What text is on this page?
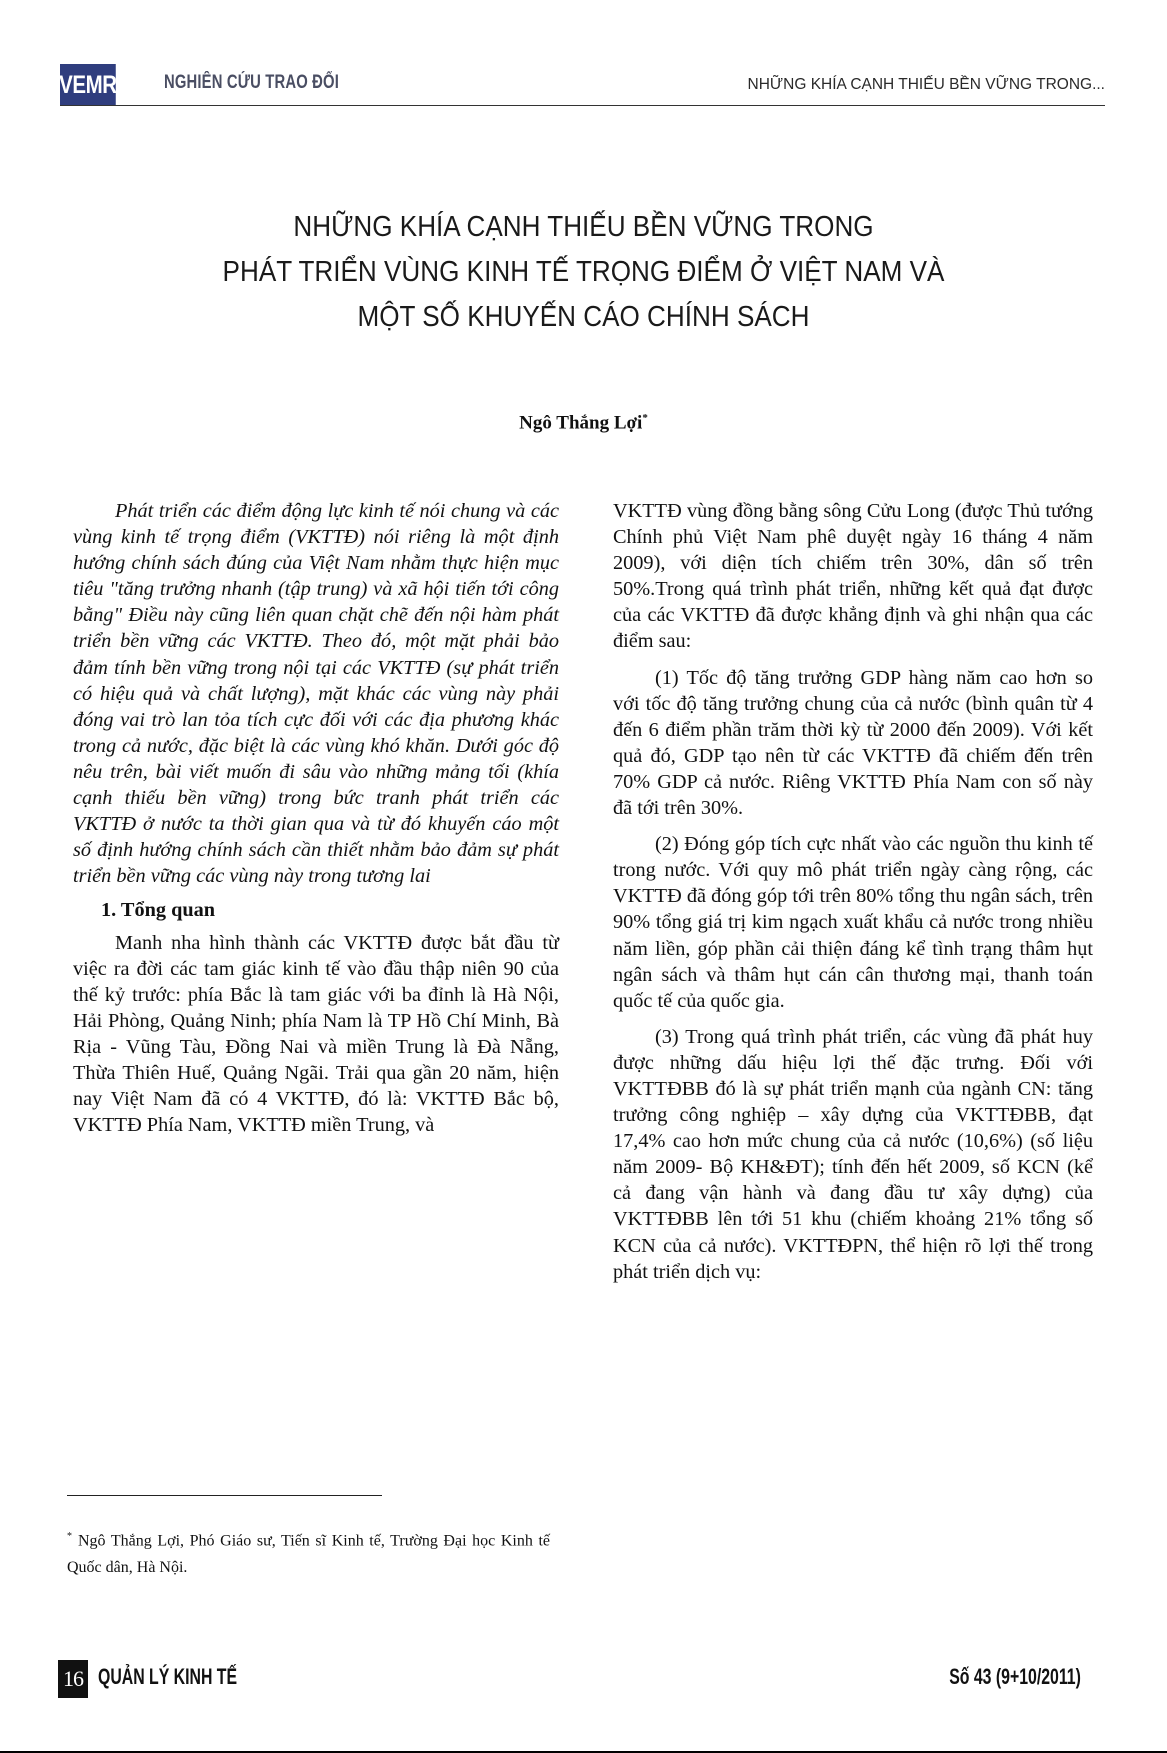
VEMR NGHIÊN CỨU TRAO ĐỔI	NHỮNG KHÍA CẠNH THIẾU BỀN VỮNG TRONG...
NHỮNG KHÍA CẠNH THIẾU BỀN VỮNG TRONG
PHÁT TRIỂN VÙNG KINH TẾ TRỌNG ĐIỂM Ở VIỆT NAM VÀ
MỘT SỐ KHUYẾN CÁO CHÍNH SÁCH
Ngô Thắng Lợi*

Phát triển các điểm động lực kinh tế nói chung và các vùng kinh tế trọng điểm (VKTTĐ) nói riêng là một định hướng chính sách đúng của Việt Nam nhằm thực hiện mục tiêu "tăng trưởng nhanh (tập trung) và xã hội tiến tới công bằng" Điều này cũng liên quan chặt chẽ đến nội hàm phát triển bền vững các VKTTĐ. Theo đó, một mặt phải bảo đảm tính bền vững trong nội tại các VKTTĐ (sự phát triển có hiệu quả và chất lượng), mặt khác các vùng này phải đóng vai trò lan tỏa tích cực đối với các địa phương khác trong cả nước, đặc biệt là các vùng khó khăn. Dưới góc độ nêu trên, bài viết muốn đi sâu vào những mảng tối (khía cạnh thiếu bền vững) trong bức tranh phát triển các VKTTĐ ở nước ta thời gian qua và từ đó khuyến cáo một số định hướng chính sách cần thiết nhằm bảo đảm sự phát triển bền vững các vùng này trong tương lai

1. Tổng quan

Manh nha hình thành các VKTTĐ được bắt đầu từ việc ra đời các tam giác kinh tế vào đầu thập niên 90 của thế kỷ trước: phía Bắc là tam giác với ba đỉnh là Hà Nội, Hải Phòng, Quảng Ninh; phía Nam là TP Hồ Chí Minh, Bà Rịa - Vũng Tàu, Đồng Nai và miền Trung là Đà Nẵng, Thừa Thiên Huế, Quảng Ngãi. Trải qua gần 20 năm, hiện nay Việt Nam đã có 4 VKTTĐ, đó là: VKTTĐ Bắc bộ, VKTTĐ Phía Nam, VKTTĐ miền Trung, và

* Ngô Thắng Lợi, Phó Giáo sư, Tiến sĩ Kinh tế, Trường Đại học Kinh tế Quốc dân, Hà Nội.

VKTTĐ vùng đồng bằng sông Cửu Long (được Thủ tướng Chính phủ Việt Nam phê duyệt ngày 16 tháng 4 năm 2009), với diện tích chiếm trên 30%, dân số trên 50%.Trong quá trình phát triển, những kết quả đạt được của các VKTTĐ đã được khẳng định và ghi nhận qua các điểm sau:

(1) Tốc độ tăng trưởng GDP hàng năm cao hơn so với tốc độ tăng trưởng chung của cả nước (bình quân từ 4 đến 6 điểm phần trăm thời kỳ từ 2000 đến 2009). Với kết quả đó, GDP tạo nên từ các VKTTĐ đã chiếm đến trên 70% GDP cả nước. Riêng VKTTĐ Phía Nam con số này đã tới trên 30%.

(2) Đóng góp tích cực nhất vào các nguồn thu kinh tế trong nước. Với quy mô phát triển ngày càng rộng, các VKTTĐ đã đóng góp tới trên 80% tổng thu ngân sách, trên 90% tổng giá trị kim ngạch xuất khẩu cả nước trong nhiều năm liền, góp phần cải thiện đáng kể tình trạng thâm hụt ngân sách và thâm hụt cán cân thương mại, thanh toán quốc tế của quốc gia.

(3) Trong quá trình phát triển, các vùng đã phát huy được những dấu hiệu lợi thế đặc trưng. Đối với VKTTĐBB đó là sự phát triển mạnh của ngành CN: tăng trưởng công nghiệp – xây dựng của VKTTĐBB, đạt 17,4% cao hơn mức chung của cả nước (10,6%) (số liệu năm 2009- Bộ KH&ĐT); tính đến hết 2009, số KCN (kể cả đang vận hành và đang đầu tư xây dựng) của VKTTĐBB lên tới 51 khu (chiếm khoảng 21% tổng số KCN của cả nước). VKTTĐPN, thể hiện rõ lợi thế trong phát triển dịch vụ:

16 QUẢN LÝ KINH TẾ	Số 43 (9+10/2011)
